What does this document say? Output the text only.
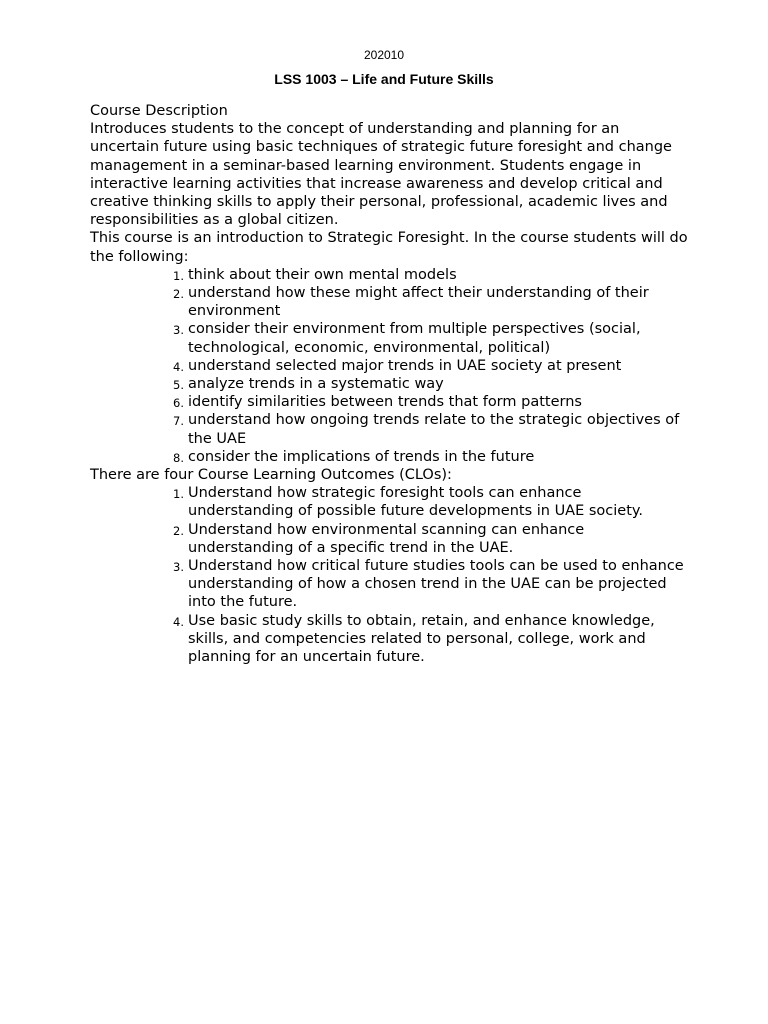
202010
LSS 1003 – Life and Future Skills

Course Description

Introduces students to the concept of understanding and planning for an uncertain future using basic techniques of strategic future foresight and change management in a seminar-based learning environment. Students engage in interactive learning activities that increase awareness and develop critical and creative thinking skills to apply their personal, professional, academic lives and responsibilities as a global citizen.

This course is an introduction to Strategic Foresight. In the course students will do the following:

1. think about their own mental models
2. understand how these might affect their understanding of their environment
3. consider their environment from multiple perspectives (social, technological, economic, environmental, political)
4. understand selected major trends in UAE society at present
5. analyze trends in a systematic way
6. identify similarities between trends that form patterns
7. understand how ongoing trends relate to the strategic objectives of the UAE
8. consider the implications of trends in the future

There are four Course Learning Outcomes (CLOs):

1. Understand how strategic foresight tools can enhance understanding of possible future developments in UAE society.
2. Understand how environmental scanning can enhance understanding of a specific trend in the UAE.
3. Understand how critical future studies tools can be used to enhance understanding of how a chosen trend in the UAE can be projected into the future.
4. Use basic study skills to obtain, retain, and enhance knowledge, skills, and competencies related to personal, college, work and planning for an uncertain future.
